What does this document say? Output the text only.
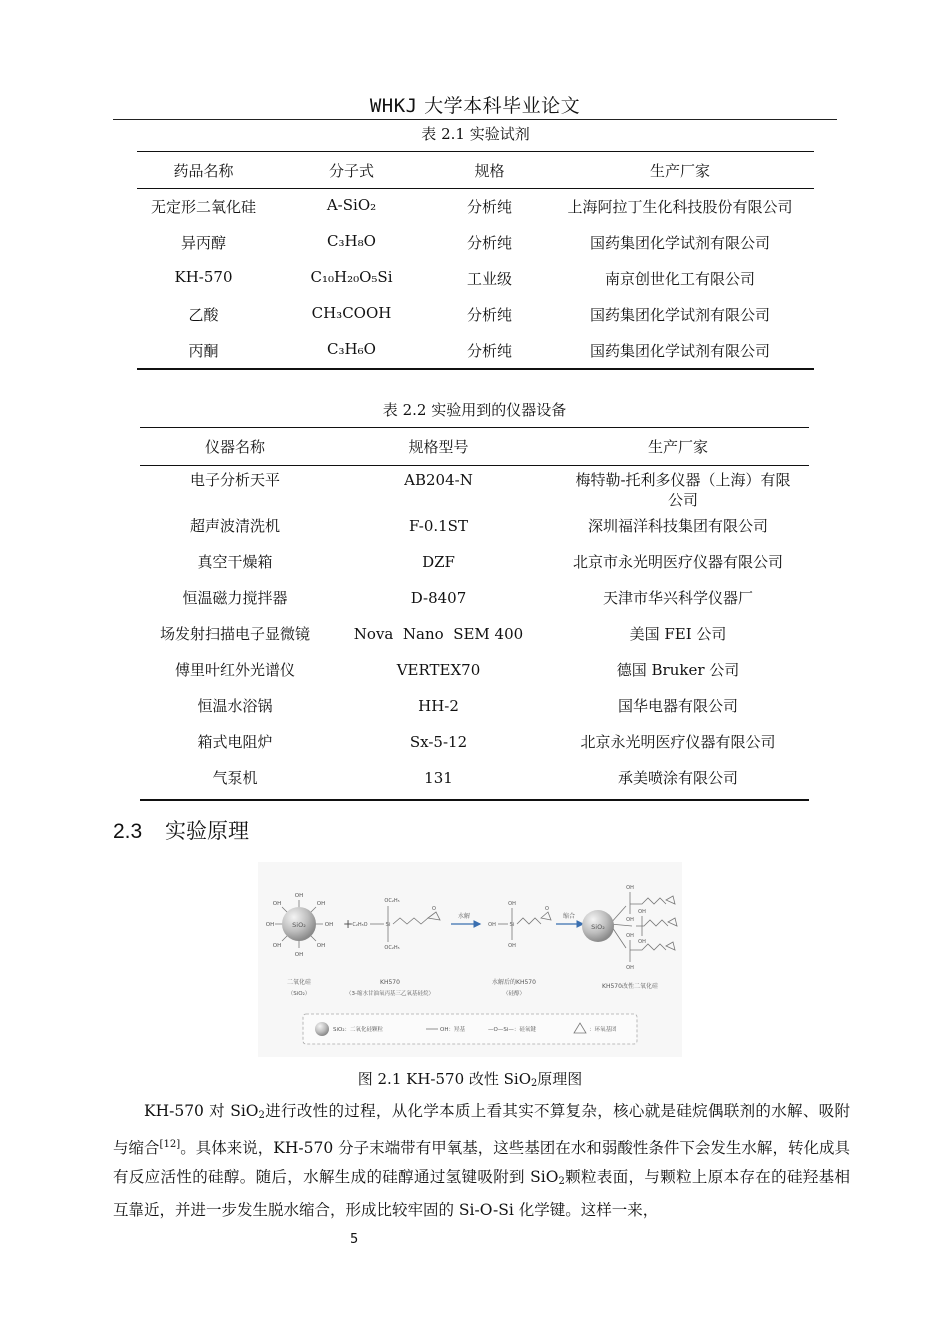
WHKJ 大学本科毕业论文
表 2.1 实验试剂
药品名称	分子式	规格	生产厂家
无定形二氧化硅	A-SiO₂	分析纯	上海阿拉丁生化科技股份有限公司
异丙醇	C₃H₈O	分析纯	国药集团化学试剂有限公司
KH-570	C₁₀H₂₀O₅Si	工业级	南京创世化工有限公司
乙酸	CH₃COOH	分析纯	国药集团化学试剂有限公司
丙酮	C₃H₆O	分析纯	国药集团化学试剂有限公司
表 2.2 实验用到的仪器设备
仪器名称	规格型号	生产厂家
电子分析天平	AB204-N	梅特勒-托利多仪器（上海）有限公司
超声波清洗机	F-0.1ST	深圳福洋科技集团有限公司
真空干燥箱	DZF	北京市永光明医疗仪器有限公司
恒温磁力搅拌器	D-8407	天津市华兴科学仪器厂
场发射扫描电子显微镜	Nova  Nano  SEM 400	美国 FEI 公司
傅里叶红外光谱仪	VERTEX70	德国 Bruker 公司
恒温水浴锅	HH-2	国华电器有限公司
箱式电阻炉	Sx-5-12	北京永光明医疗仪器有限公司
气泵机	131	承美喷涂有限公司
2.3 实验原理
SiO₂
OH
OH
OH	OH
OH	OH
OH	OH
+	Si
OC₂H₅
OC₂H₅
C₂H₅O
O
水解
Si
OH
OH
OH
O
缩合
SiO₂
OH
OH
OH
OH
OH
OH
二氧化硅
（SiO₂）
KH570
（3-缩水甘油氧丙基三乙氧基硅烷）
水解后的KH570
（硅醇）
KH570改性二氧化硅
SiO₂：二氧化硅颗粒	OH：羟基	—O—Si—：硅氧键	：环氧基团
图 2.1 KH-570 改性 SiO$_2$原理图

KH-570 对 SiO$_2$进行改性的过程，从化学本质上看其实不算复杂，核心就是硅烷偶联剂的水解、吸附与缩合[12]。具体来说，KH-570 分子末端带有甲氧基，这些基团在水和弱酸性条件下会发生水解，转化成具有反应活性的硅醇。随后，水解生成的硅醇通过氢键吸附到 SiO$_2$颗粒表面，与颗粒上原本存在的硅羟基相互靠近，并进一步发生脱水缩合，形成比较牢固的 Si-O-Si 化学键。这样一来，

5
